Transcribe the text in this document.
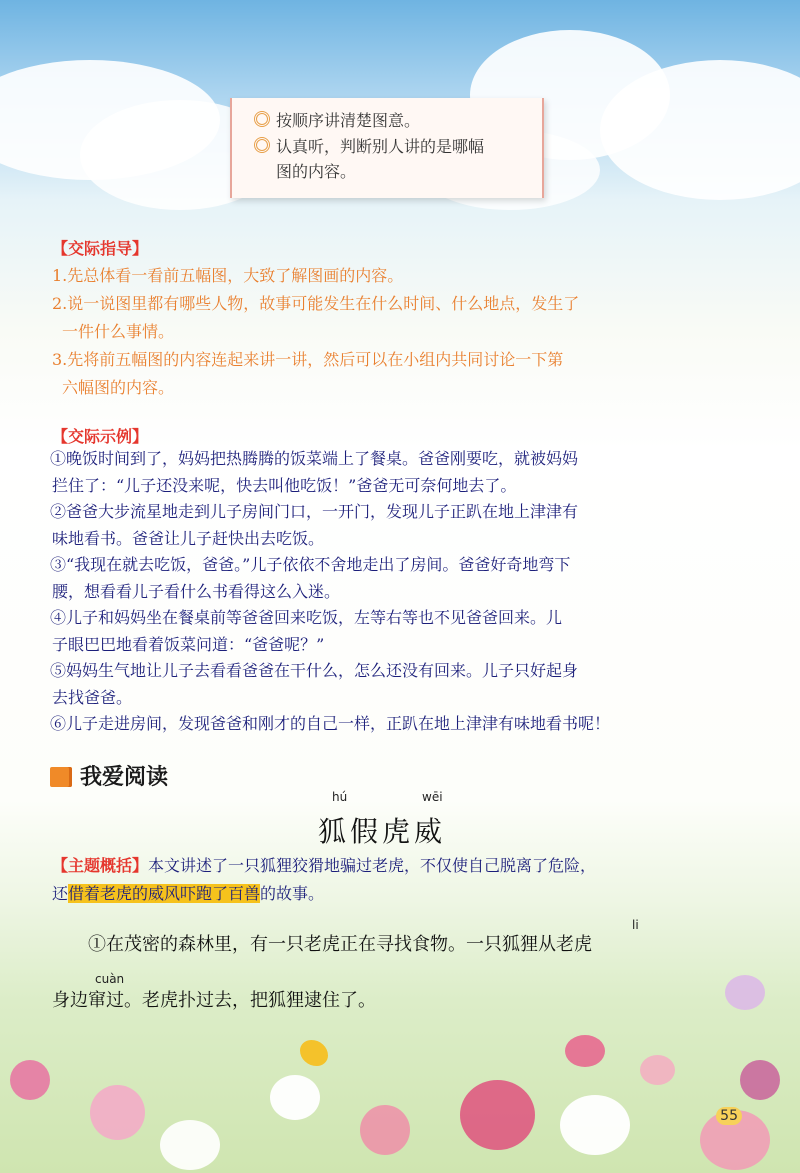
按顺序讲清楚图意。
认真听，判断别人讲的是哪幅
图的内容。
【交际指导】
1.先总体看一看前五幅图，大致了解图画的内容。
2.说一说图里都有哪些人物，故事可能发生在什么时间、什么地点，发生了
一件什么事情。
3.先将前五幅图的内容连起来讲一讲，然后可以在小组内共同讨论一下第
六幅图的内容。
【交际示例】
①晚饭时间到了，妈妈把热腾腾的饭菜端上了餐桌。爸爸刚要吃，就被妈妈
拦住了：“儿子还没来呢，快去叫他吃饭！”爸爸无可奈何地去了。
②爸爸大步流星地走到儿子房间门口，一开门，发现儿子正趴在地上津津有
味地看书。爸爸让儿子赶快出去吃饭。
③“我现在就去吃饭，爸爸。”儿子依依不舍地走出了房间。爸爸好奇地弯下
腰，想看看儿子看什么书看得这么入迷。
④儿子和妈妈坐在餐桌前等爸爸回来吃饭，左等右等也不见爸爸回来。儿
子眼巴巴地看着饭菜问道：“爸爸呢？”
⑤妈妈生气地让儿子去看看爸爸在干什么，怎么还没有回来。儿子只好起身
去找爸爸。
⑥儿子走进房间，发现爸爸和刚才的自己一样，正趴在地上津津有味地看书呢！
我爱阅读
hú	wēi
狐假虎威
【主题概括】本文讲述了一只狐狸狡猾地骗过老虎，不仅使自己脱离了危险，
还借着老虎的威风吓跑了百兽的故事。
li
①在茂密的森林里，有一只老虎正在寻找食物。一只狐狸从老虎
cuàn
身边窜过。老虎扑过去，把狐狸逮住了。
55
